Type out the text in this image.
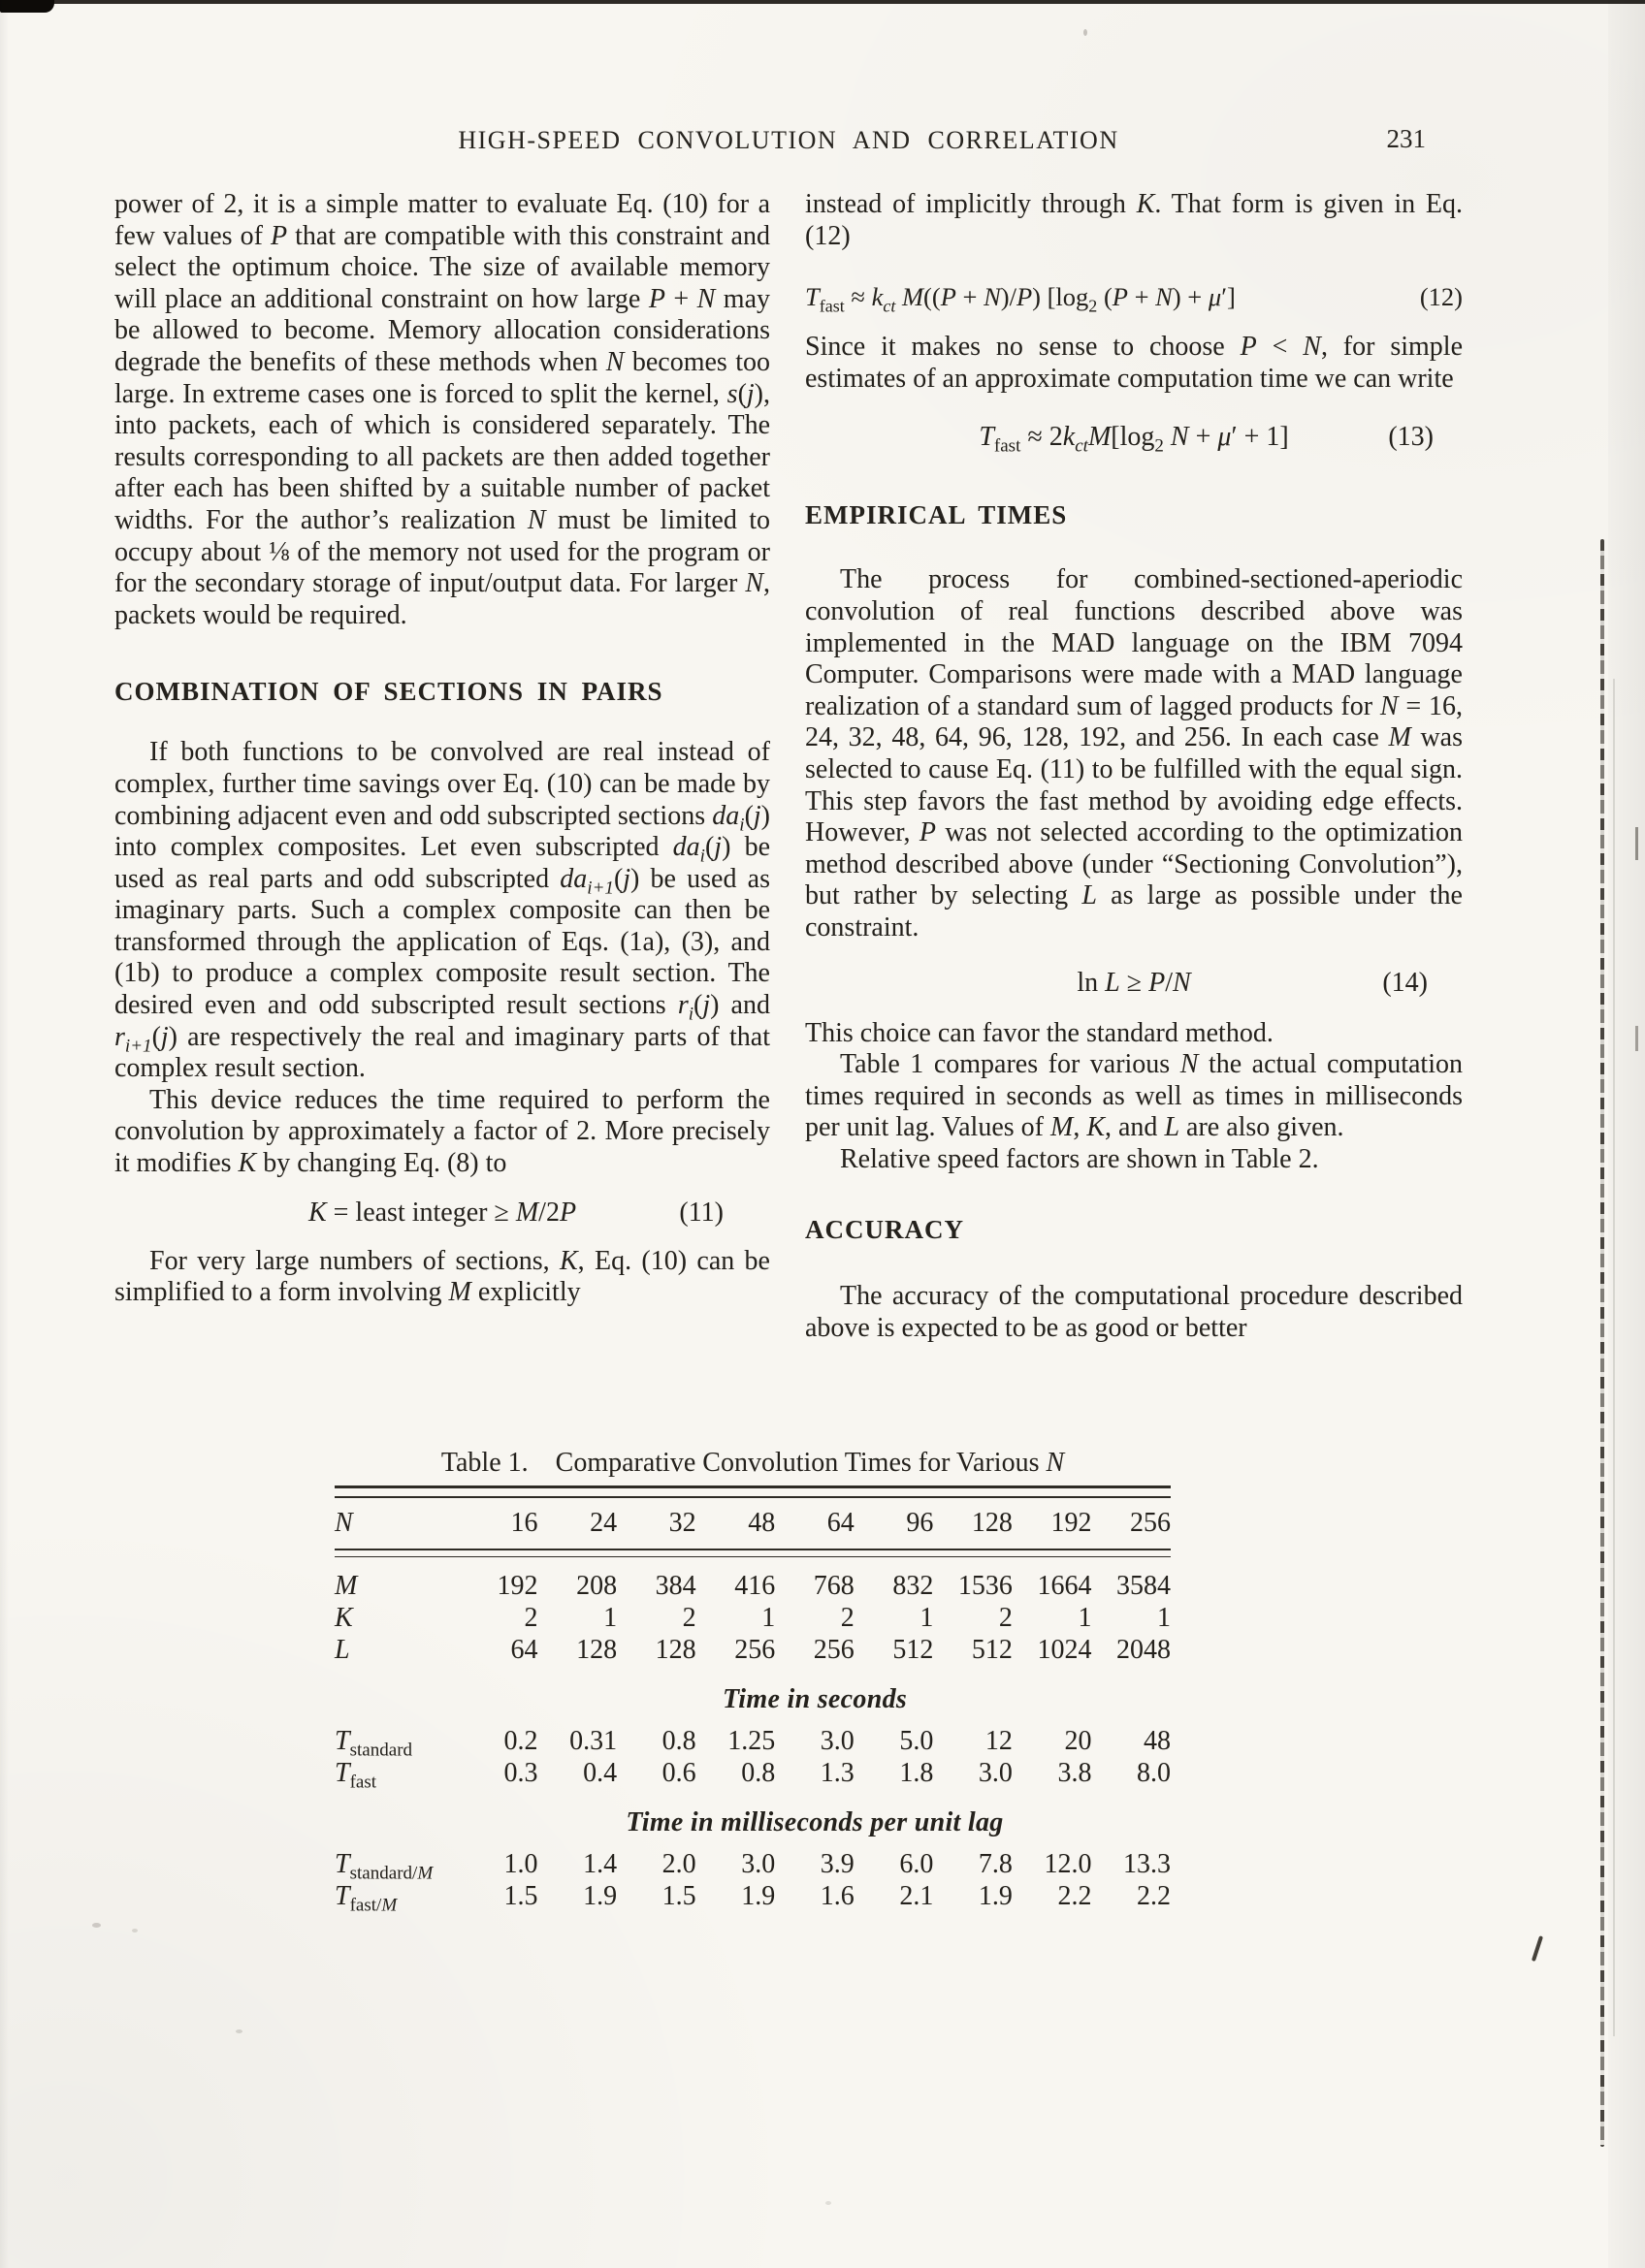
HIGH-SPEED CONVOLUTION AND CORRELATION	231

power of 2, it is a simple matter to evaluate Eq. (10) for a few values of P that are compatible with this constraint and select the optimum choice. The size of available memory will place an additional constraint on how large P + N may be allowed to become. Memory allocation considerations degrade the benefits of these methods when N becomes too large. In extreme cases one is forced to split the kernel, s(j), into packets, each of which is considered separately. The results corresponding to all packets are then added together after each has been shifted by a suitable number of packet widths. For the author’s realization N must be limited to occupy about ⅛ of the memory not used for the program or for the secondary storage of input/output data. For larger N, packets would be required.

COMBINATION OF SECTIONS IN PAIRS

If both functions to be convolved are real instead of complex, further time savings over Eq. (10) can be made by combining adjacent even and odd subscripted sections $da_i(j)$ into complex composites. Let even subscripted $da_i(j)$ be used as real parts and odd subscripted $da_{i+1}(j)$ be used as imaginary parts. Such a complex composite can then be transformed through the application of Eqs. (1a), (3), and (1b) to produce a complex composite result section. The desired even and odd subscripted result sections $r_i(j)$ and $r_{i+1}(j)$ are respectively the real and imaginary parts of that complex result section.

This device reduces the time required to perform the convolution by approximately a factor of 2. More precisely it modifies K by changing Eq. (8) to

K = least integer ≥ M/2P	(11)

For very large numbers of sections, K, Eq. (10) can be simplified to a form involving M explicitly

instead of implicitly through K. That form is given in Eq. (12)

$T_{fast} \approx k_{ct}$ M((P + N)/P) [$\log_2$ (P + N) + μ′]	(12)

Since it makes no sense to choose P < N, for simple estimates of an approximate computation time we can write

$T_{fast} \approx 2k_{ct}M[\log_2$ N + μ′ + 1]	(13)
EMPIRICAL TIMES

The process for combined-sectioned-aperiodic convolution of real functions described above was implemented in the MAD language on the IBM 7094 Computer. Comparisons were made with a MAD language realization of a standard sum of lagged products for N = 16, 24, 32, 48, 64, 96, 128, 192, and 256. In each case M was selected to cause Eq. (11) to be fulfilled with the equal sign. This step favors the fast method by avoiding edge effects. However, P was not selected according to the optimization method described above (under “Sectioning Convolution”), but rather by selecting L as large as possible under the constraint.

ln L ≥ P/N	(14)

This choice can favor the standard method.

Table 1 compares for various N the actual computation times required in seconds as well as times in milliseconds per unit lag. Values of M, K, and L are also given.

Relative speed factors are shown in Table 2.

ACCURACY

The accuracy of the computational procedure described above is expected to be as good or better

Table 1. Comparative Convolution Times for Various N
N	16	24	32	48	64	96	128	192	256
M	192	208	384	416	768	832 1536 1664 3584
K	2	1	2	1	2	1	2	1	1
L	64	128	128	256	256	512	512 1024 2048
Time in seconds
$T_{standard}$	0.2	0.31	0.8	1.25	3.0	5.0	12	20	48
$T_{fast}$	0.3	0.4	0.6	0.8	1.3	1.8	3.0	3.8	8.0
Time in milliseconds per unit lag
$T_{standard/M}$	1.0	1.4	2.0	3.0	3.9	6.0	7.8	12.0	13.3
$T_{fast/M}$	1.5	1.9	1.5	1.9	1.6	2.1	1.9	2.2	2.2
